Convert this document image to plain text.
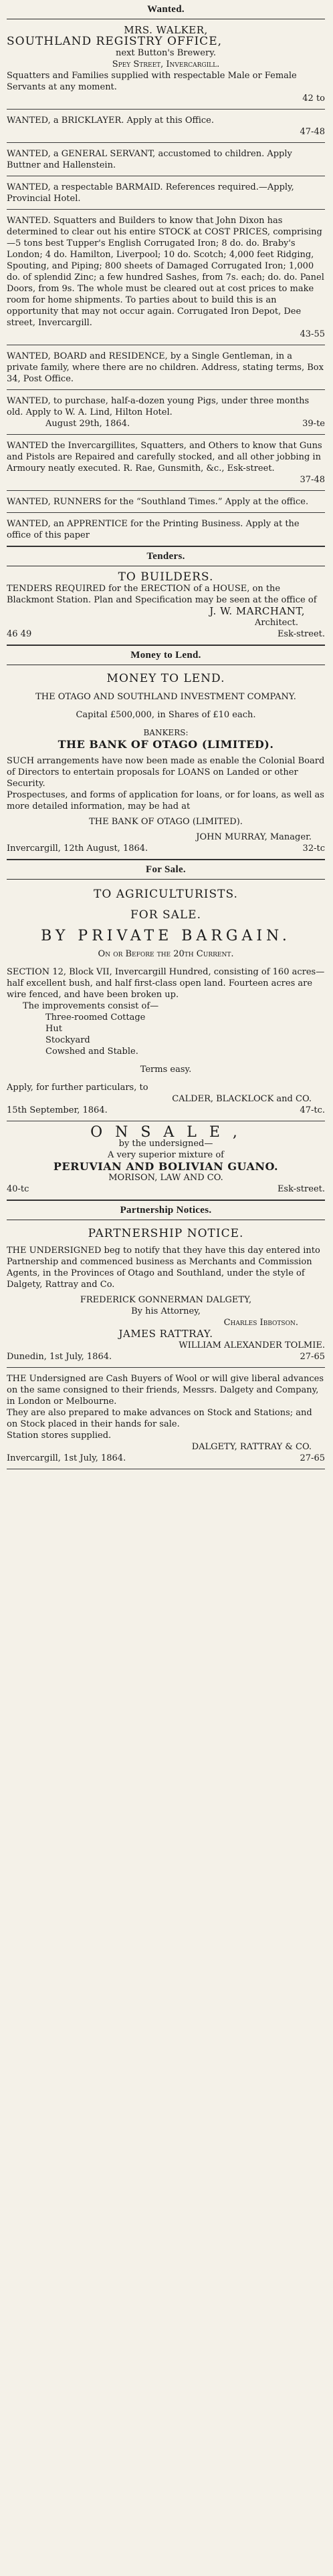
Wanted.

MRS. WALKER,

SOUTHLAND REGISTRY OFFICE,

next Button's Brewery.

Spey Street, Invercargill.

Squatters and Families supplied with respectable Male or Female Servants at any moment.

42 to

WANTED, a BRICKLAYER. Apply at this Office.

47-48

WANTED, a GENERAL SERVANT, accustomed to children. Apply Buttner and Hallenstein.

WANTED, a respectable BARMAID. References required.—Apply, Provincial Hotel.

WANTED. Squatters and Builders to know that John Dixon has determined to clear out his entire STOCK at COST PRICES, comprising —5 tons best Tupper's English Corrugated Iron; 8 do. do. Braby's London; 4 do. Hamilton, Liverpool; 10 do. Scotch; 4,000 feet Ridging, Spouting, and Piping; 800 sheets of Damaged Corrugated Iron; 1,000 do. of splendid Zinc; a few hundred Sashes, from 7s. each; do. do. Panel Doors, from 9s. The whole must be cleared out at cost prices to make room for home shipments. To parties about to build this is an opportunity that may not occur again. Corrugated Iron Depot, Dee street, Invercargill.

43-55

WANTED, BOARD and RESIDENCE, by a Single Gentleman, in a private family, where there are no children. Address, stating terms, Box 34, Post Office.

WANTED, to purchase, half-a-dozen young Pigs, under three months old. Apply to W. A. Lind, Hilton Hotel.

August 29th, 1864.	39-te

WANTED the Invercargillites, Squatters, and Others to know that Guns and Pistols are Repaired and carefully stocked, and all other jobbing in Armoury neatly executed. R. Rae, Gunsmith, &c., Esk-street.

37-48

WANTED, RUNNERS for the “Southland Times.” Apply at the office.

WANTED, an APPRENTICE for the Printing Business. Apply at the office of this paper

Tenders.

TO BUILDERS.

TENDERS REQUIRED for the ERECTION of a HOUSE, on the Blackmont Station. Plan and Specification may be seen at the office of

J. W. MARCHANT,

Architect.

46 49	Esk-street.
Money to Lend.

MONEY TO LEND.

THE OTAGO AND SOUTHLAND INVESTMENT COMPANY.

Capital £500,000, in Shares of £10 each.

BANKERS:

THE BANK OF OTAGO (LIMITED).

SUCH arrangements have now been made as enable the Colonial Board of Directors to entertain proposals for LOANS on Landed or other Security.

Prospectuses, and forms of application for loans, or for loans, as well as more detailed information, may be had at

THE BANK OF OTAGO (LIMITED).

JOHN MURRAY, Manager.

Invercargill, 12th August, 1864.	32-tc
For Sale.

TO AGRICULTURISTS.

FOR SALE.

BY PRIVATE BARGAIN.

On or Before the 20th Current.

SECTION 12, Block VII, Invercargill Hundred, consisting of 160 acres—half excellent bush, and half first-class open land. Fourteen acres are wire fenced, and have been broken up.

The improvements consist of—

Three-roomed Cottage

Hut

Stockyard

Cowshed and Stable.

Terms easy.

Apply, for further particulars, to

CALDER, BLACKLOCK and CO.

15th September, 1864.	47-tc.

O N S A L E ,

by the undersigned—

A very superior mixture of

PERUVIAN AND BOLIVIAN GUANO.

MORISON, LAW AND CO.

40-tc	Esk-street.
Partnership Notices.

PARTNERSHIP NOTICE.

THE UNDERSIGNED beg to notify that they have this day entered into Partnership and commenced business as Merchants and Commission Agents, in the Provinces of Otago and Southland, under the style of Dalgety, Rattray and Co.

FREDERICK GONNERMAN DALGETY,

By his Attorney,

Charles Ibbotson.

JAMES RATTRAY.

WILLIAM ALEXANDER TOLMIE.

Dunedin, 1st July, 1864.	27-65

THE Undersigned are Cash Buyers of Wool or will give liberal advances on the same consigned to their friends, Messrs. Dalgety and Company, in London or Melbourne.

They are also prepared to make advances on Stock and Stations; and on Stock placed in their hands for sale.

Station stores supplied.

DALGETY, RATTRAY & CO.

Invercargill, 1st July, 1864.	27-65
